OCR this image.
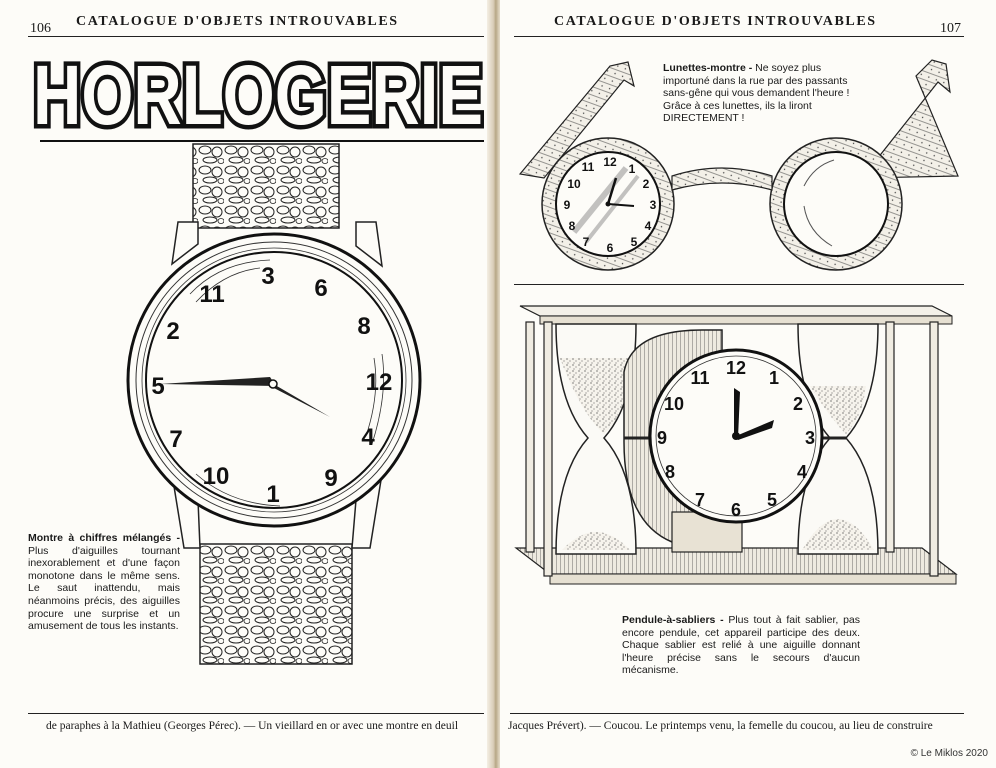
106 CATALOGUE D'OBJETS INTROUVABLES
HORLOGERIE
11
3 6
2	8
5	12
7	4
10
1
9
Montre à chiffres mélangés - Plus d'aiguilles tournant inexorablement et d'une façon monotone dans le même sens. Le saut inattendu, mais néanmoins précis, des aiguilles procure une surprise et un amusement de tous les instants.
de paraphes à la Mathieu (Georges Pérec). — Un vieillard en or avec une montre en deuil
CATALOGUE D'OBJETS INTROUVABLES	107
12
11	1
10	2
9	3
8	4
7 6 5
Lunettes-montre - Ne soyez plus importuné dans la rue par des passants sans-gêne qui vous demandent l'heure ! Grâce à ces lunettes, ils la liront DIRECTEMENT !
12
11	1
10	2
9	3
8	4
7 6 5
Pendule-à-sabliers - Plus tout à fait sablier, pas encore pendule, cet appareil participe des deux. Chaque sablier est relié à une aiguille donnant l'heure précise sans le secours d'aucun mécanisme.
Jacques Prévert). — Coucou. Le printemps venu, la femelle du coucou, au lieu de construire
© Le Miklos 2020
